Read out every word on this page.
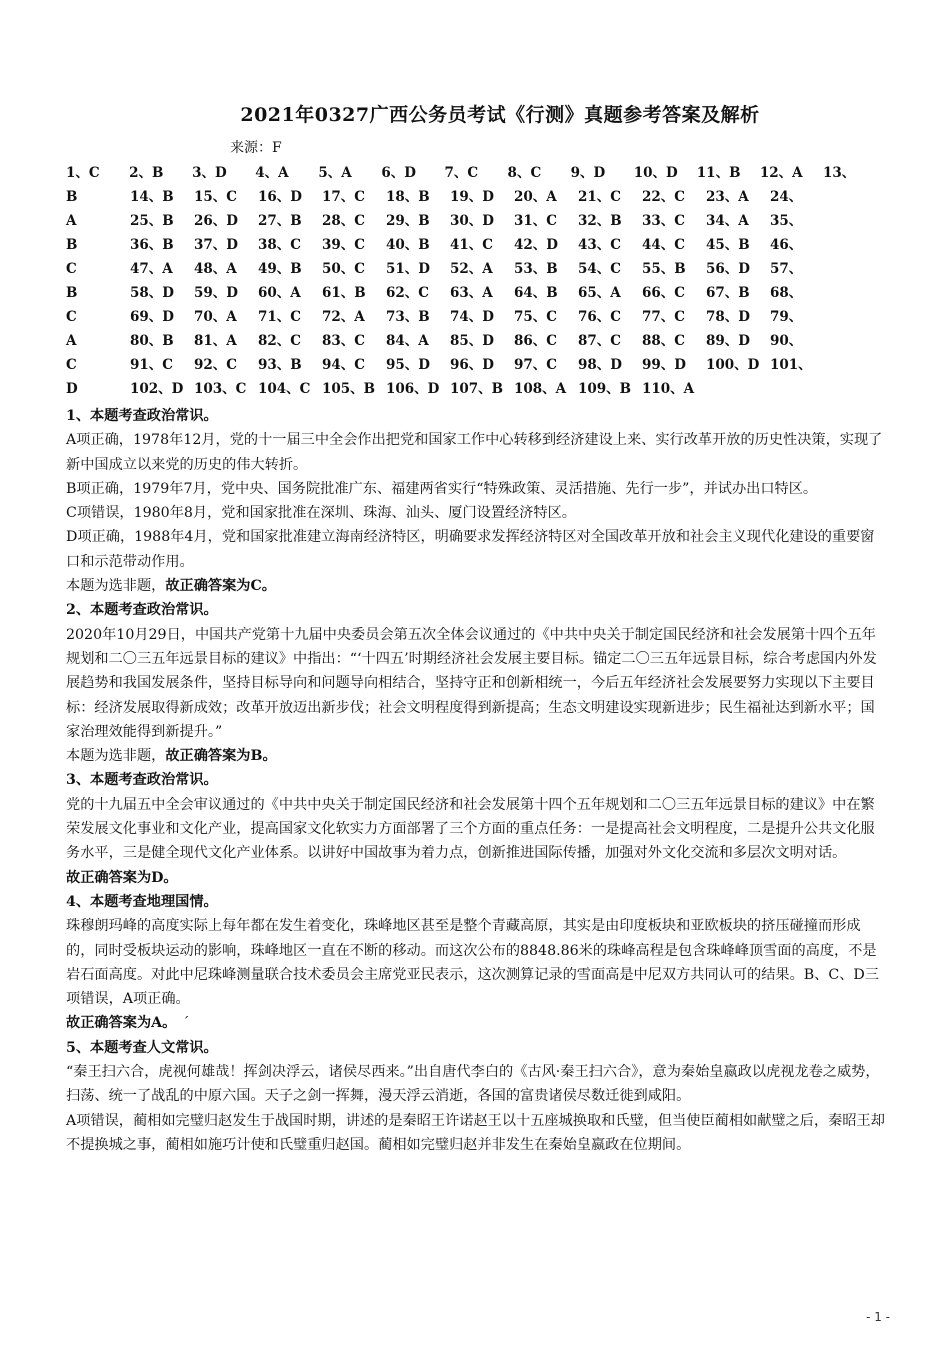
2021年0327广西公务员考试《行测》真题参考答案及解析
来源：F
1、C	2、B	3、D	4、A	5、A	6、D	7、C	8、C	9、D	10、D	11、B	12、A	13、
B	14、B	15、C	16、D	17、C	18、B	19、D	20、A	21、C	22、C	23、A	24、
A	25、B	26、D	27、B	28、C	29、B	30、D	31、C	32、B	33、C	34、A	35、
B	36、B	37、D	38、C	39、C	40、B	41、C	42、D	43、C	44、C	45、B	46、
C	47、A	48、A	49、B	50、C	51、D	52、A	53、B	54、C	55、B	56、D	57、
B	58、D	59、D	60、A	61、B	62、C	63、A	64、B	65、A	66、C	67、B	68、
C	69、D	70、A	71、C	72、A	73、B	74、D	75、C	76、C	77、C	78、D	79、
A	80、B	81、A	82、C	83、C	84、A	85、D	86、C	87、C	88、C	89、D	90、
C	91、C	92、C	93、B	94、C	95、D	96、D	97、C	98、D	99、D	100、D 101、
D	102、D 103、C 104、C 105、B 106、D 107、B 108、A 109、B 110、A

1、本题考查政治常识。

A项正确，1978年12月，党的十一届三中全会作出把党和国家工作中心转移到经济建设上来、实行改革开放的历史性决策，实现了新中国成立以来党的历史的伟大转折。

B项正确，1979年7月，党中央、国务院批准广东、福建两省实行“特殊政策、灵活措施、先行一步”，并试办出口特区。

C项错误，1980年8月，党和国家批准在深圳、珠海、汕头、厦门设置经济特区。

D项正确，1988年4月，党和国家批准建立海南经济特区，明确要求发挥经济特区对全国改革开放和社会主义现代化建设的重要窗口和示范带动作用。

本题为选非题，故正确答案为C。

2、本题考查政治常识。

2020年10月29日，中国共产党第十九届中央委员会第五次全体会议通过的《中共中央关于制定国民经济和社会发展第十四个五年规划和二〇三五年远景目标的建议》中指出：“‘十四五’时期经济社会发展主要目标。锚定二〇三五年远景目标，综合考虑国内外发展趋势和我国发展条件，坚持目标导向和问题导向相结合，坚持守正和创新相统一，今后五年经济社会发展要努力实现以下主要目标：经济发展取得新成效；改革开放迈出新步伐；社会文明程度得到新提高；生态文明建设实现新进步；民生福祉达到新水平；国家治理效能得到新提升。”

本题为选非题，故正确答案为B。

3、本题考查政治常识。

党的十九届五中全会审议通过的《中共中央关于制定国民经济和社会发展第十四个五年规划和二〇三五年远景目标的建议》中在繁荣发展文化事业和文化产业，提高国家文化软实力方面部署了三个方面的重点任务：一是提高社会文明程度，二是提升公共文化服务水平，三是健全现代文化产业体系。以讲好中国故事为着力点，创新推进国际传播，加强对外文化交流和多层次文明对话。

故正确答案为D。

4、本题考查地理国情。

珠穆朗玛峰的高度实际上每年都在发生着变化，珠峰地区甚至是整个青藏高原，其实是由印度板块和亚欧板块的挤压碰撞而形成的，同时受板块运动的影响，珠峰地区一直在不断的移动。而这次公布的8848.86米的珠峰高程是包含珠峰峰顶雪面的高度，不是岩石面高度。对此中尼珠峰测量联合技术委员会主席党亚民表示，这次测算记录的雪面高是中尼双方共同认可的结果。B、C、D三项错误，A项正确。

故正确答案为A。 ´

5、本题考查人文常识。

“秦王扫六合，虎视何雄哉！挥剑决浮云，诸侯尽西来。”出自唐代李白的《古风·秦王扫六合》，意为秦始皇嬴政以虎视龙卷之威势，扫荡、统一了战乱的中原六国。天子之剑一挥舞，漫天浮云消逝，各国的富贵诸侯尽数迁徙到咸阳。

A项错误，蔺相如完璧归赵发生于战国时期，讲述的是秦昭王许诺赵王以十五座城换取和氏璧，但当使臣蔺相如献璧之后，秦昭王却不提换城之事，蔺相如施巧计使和氏璧重归赵国。蔺相如完璧归赵并非发生在秦始皇嬴政在位期间。

- 1 -
